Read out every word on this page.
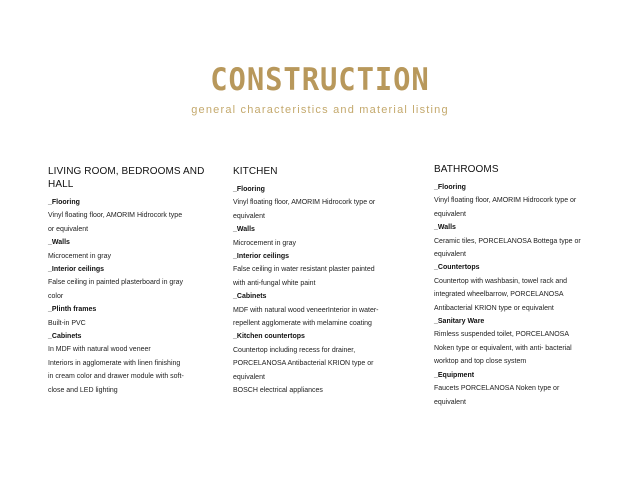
CONSTRUCTION
general characteristics and material listing
LIVING ROOM, BEDROOMS AND HALL
_Flooring
Vinyl floating floor, AMORIM Hidrocork type
or equivalent
_Walls
Microcement in gray
_Interior ceilings
False ceiling in painted plasterboard in gray
color
_Plinth frames
Built-in PVC
_Cabinets
In MDF with natural wood veneer
Interiors in agglomerate with linen finishing
in cream color and drawer module with soft-
close and LED lighting
KITCHEN
_Flooring
Vinyl floating floor, AMORIM Hidrocork type or
equivalent
_Walls
Microcement in gray
_Interior ceilings
False ceiling in water resistant plaster painted
with anti-fungal white paint
_Cabinets
MDF with natural wood veneerInterior in water-
repellent agglomerate with melamine coating
_Kitchen countertops
Countertop including recess for drainer,
PORCELANOSA Antibacterial KRION type or
equivalent
BOSCH electrical appliances
BATHROOMS
_Flooring
Vinyl floating floor, AMORIM Hidrocork type or
equivalent
_Walls
Ceramic tiles, PORCELANOSA Bottega type or
equivalent
_Countertops
Countertop with washbasin, towel rack and
integrated wheelbarrow, PORCELANOSA
Antibacterial KRION type or equivalent
_Sanitary Ware
Rimless suspended toilet, PORCELANOSA
Noken type or equivalent, with anti- bacterial
worktop and top close system
_Equipment
Faucets PORCELANOSA Noken type or
equivalent
